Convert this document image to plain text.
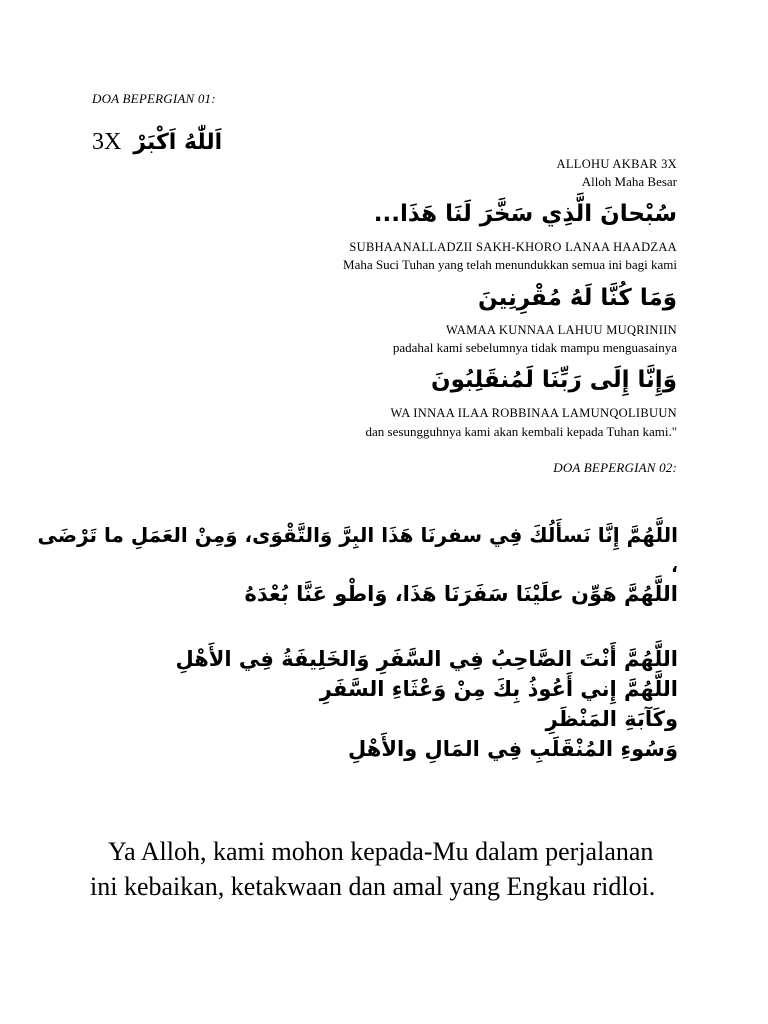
DOA BEPERGIAN 01:
3X اَللّٰهُ اَكْبَرْ
ALLOHU AKBAR 3X
Alloh Maha Besar
سُبْحانَ الَّذِي سَخَّرَ لَنَا هَذَا...
SUBHAANALLADZII SAKH-KHORO LANAA HAADZAA
Maha Suci Tuhan yang telah menundukkan semua ini bagi kami
وَمَا كُنَّا لَهُ مُقْرِنِينَ
WAMAA KUNNAA LAHUU MUQRINIIN
padahal kami sebelumnya tidak mampu menguasainya
وَإِنَّا إِلَى رَبِّنَا لَمُنقَلِبُونَ
WA INNAA ILAA ROBBINAA LAMUNQOLIBUUN
dan sesungguhnya kami akan kembali kepada Tuhan kami."
DOA BEPERGIAN 02:
اللَّهُمَّ إِنَّا نَسأَلُكَ فِي سفرنَا هَذَا البِرَّ وَالتَّقْوَى، وَمِنْ العَمَلِ ما تَرْضَى
،
اللَّهُمَّ هَوِّن علَيْنَا سَفَرَنَا هَذَا، وَاطْو عَنَّا بُعْدَهُ
اللَّهُمَّ أَنْتَ الصَّاحِبُ فِي السَّفَرِ وَالخَلِيفَةُ فِي الأَهْلِ
اللَّهُمَّ إِني أَعُوذُ بِكَ مِنْ وَعْثَاءِ السَّفَرِ
وكَآبَةِ المَنْظَرِ
وَسُوءِ المُنْقَلَبِ فِي المَالِ والأَهْلِ
Ya Alloh, kami mohon kepada-Mu dalam perjalanan
ini kebaikan, ketakwaan dan amal yang Engkau ridloi.
